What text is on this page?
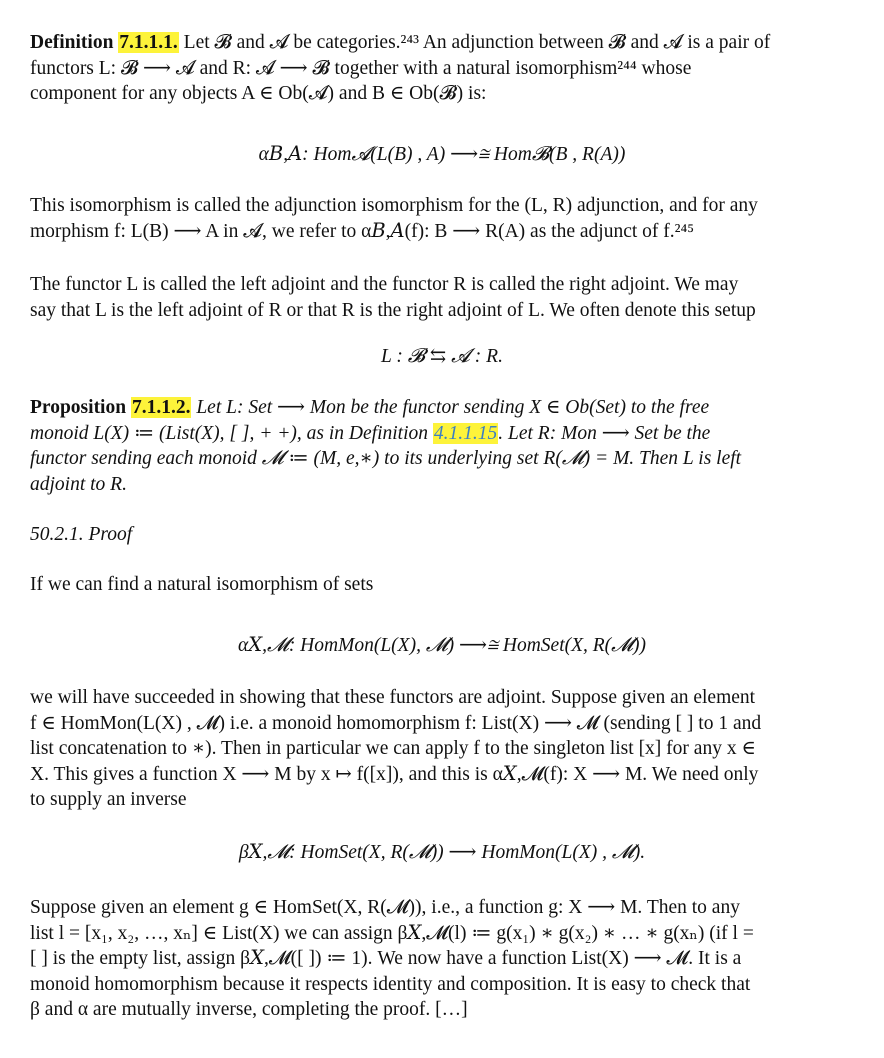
Definition 7.1.1.1. Let 𝓑 and 𝓐 be categories.²⁴³ An adjunction between 𝓑 and 𝓐 is a pair of
functors L: 𝓑 ⟶ 𝓐 and R: 𝓐 ⟶ 𝓑 together with a natural isomorphism²⁴⁴ whose
component for any objects A ∈ Ob(𝓐) and B ∈ Ob(𝓑) is:
α𝐵,𝐴: Hom𝓐(L(B) , A) ⟶≅ Hom𝓑(B , R(A))
This isomorphism is called the adjunction isomorphism for the (L, R) adjunction, and for any
morphism f: L(B) ⟶ A in 𝓐, we refer to α𝐵,𝐴(f): B ⟶ R(A) as the adjunct of f.²⁴⁵
The functor L is called the left adjoint and the functor R is called the right adjoint. We may
say that L is the left adjoint of R or that R is the right adjoint of L. We often denote this setup
L : 𝓑 ⇆ 𝓐 : R.
Proposition 7.1.1.2. Let L: Set ⟶ Mon be the functor sending X ∈ Ob(Set) to the free
monoid L(X) ≔ (List(X), [ ], + +), as in Definition 4.1.1.15. Let R: Mon ⟶ Set be the
functor sending each monoid 𝓜 ≔ (M, e,∗) to its underlying set R(𝓜) = M. Then L is left
adjoint to R.
50.2.1. Proof
If we can find a natural isomorphism of sets
α𝑋,𝓜: HomMon(L(X), 𝓜) ⟶≅ HomSet(X, R(𝓜))
we will have succeeded in showing that these functors are adjoint. Suppose given an element
f ∈ HomMon(L(X) , 𝓜) i.e. a monoid homomorphism f: List(X) ⟶ 𝓜 (sending [ ] to 1 and
list concatenation to ∗). Then in particular we can apply f to the singleton list [x] for any x ∈
X. This gives a function X ⟶ M by x ↦ f([x]), and this is α𝑋,𝓜(f): X ⟶ M. We need only
to supply an inverse
β𝑋,𝓜: HomSet(X, R(𝓜)) ⟶ HomMon(L(X) , 𝓜).
Suppose given an element g ∈ HomSet(X, R(𝓜)), i.e., a function g: X ⟶ M. Then to any
list l = [x₁, x₂, …, xₙ] ∈ List(X) we can assign β𝑋,𝓜(l) ≔ g(x₁) ∗ g(x₂) ∗ … ∗ g(xₙ) (if l =
[ ] is the empty list, assign β𝑋,𝓜([ ]) ≔ 1). We now have a function List(X) ⟶ 𝓜. It is a
monoid homomorphism because it respects identity and composition. It is easy to check that
β and α are mutually inverse, completing the proof. […]
